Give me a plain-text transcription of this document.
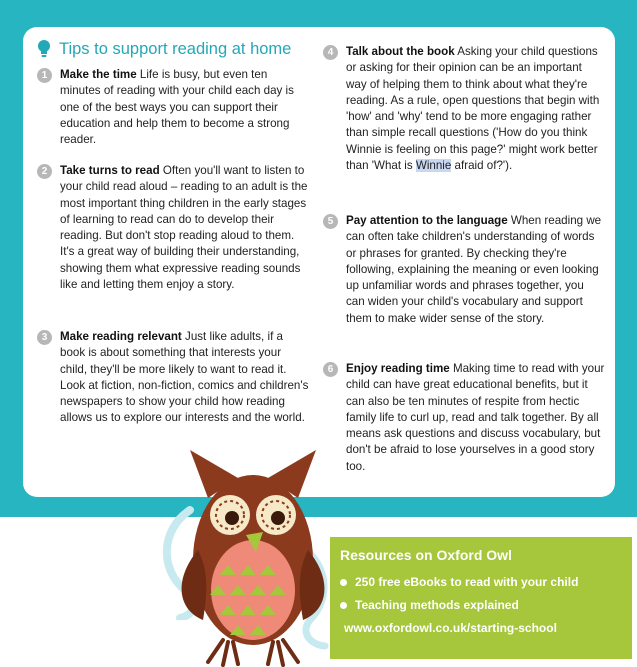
Tips to support reading at home
1	Make the time Life is busy, but even ten minutes of reading with your child each day is one of the best ways you can support their education and help them to become a strong reader.
2	Take turns to read Often you'll want to listen to your child read aloud – reading to an adult is the most important thing children in the early stages of learning to read can do to develop their reading. But don't stop reading aloud to them. It's a great way of building their understanding, showing them what expressive reading sounds like and letting them enjoy a story.
3	Make reading relevant Just like adults, if a book is about something that interests your child, they'll be more likely to want to read it. Look at fiction, non-fiction, comics and children's newspapers to show your child how reading allows us to explore our interests and the world.
4	Talk about the book Asking your child questions or asking for their opinion can be an important way of helping them to think about what they're reading. As a rule, open questions that begin with 'how' and 'why' tend to be more engaging rather than simple recall questions ('How do you think Winnie is feeling on this page?' might work better than 'What is Winnie afraid of?').
5	Pay attention to the language When reading we can often take children's understanding of words or phrases for granted. By checking they're following, explaining the meaning or even looking up unfamiliar words and phrases together, you can widen your child's vocabulary and support them to make wider sense of the story.
6	Enjoy reading time Making time to read with your child can have great educational benefits, but it can also be ten minutes of respite from hectic family life to curl up, read and talk together. By all means ask questions and discuss vocabulary, but don't be afraid to lose yourselves in a good story too.
Resources on Oxford Owl
250 free eBooks to read with your child
Teaching methods explained
www.oxfordowl.co.uk/starting-school
